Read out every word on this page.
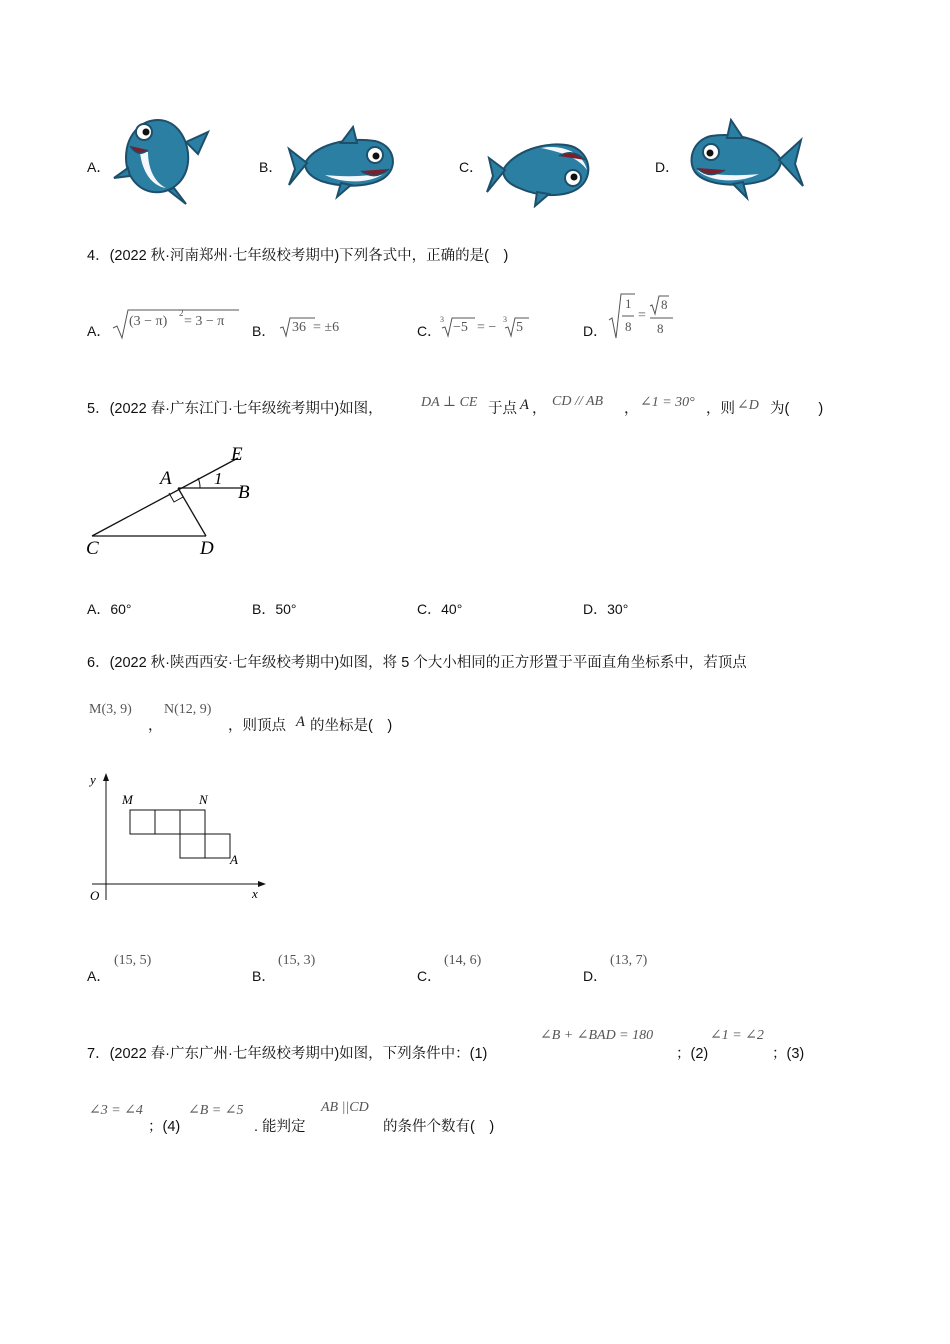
A．	B．	C．	D．
4．(2022 秋·河南郑州·七年级校考期中)下列各式中，正确的是(　)
A．
(3 − π)
2
= 3 − π
B． 36 = ±6	C．
3
−5 = −
3
5	D．
1
8
=
8
8
5．(2022 春·广东江门·七年级统考期中)如图，	DA ⊥ CE 于点 A ， CD // AB ， ∠1 = 30° ，则 ∠D 为(　　)
E
A 1
B
C	D
A．60°	B．50°	C．40°	D．30°
6．(2022 秋·陕西西安·七年级校考期中)如图，将 5 个大小相同的正方形置于平面直角坐标系中，若顶点
M(3, 9)
，
N(12, 9)
，则顶点 A 的坐标是(　)
y
M	N
A
O	x
A．
(15, 5)
B．
(15, 3)
C．
(14, 6)
D．
(13, 7)
7．(2022 春·广东广州·七年级校考期中)如图，下列条件中：(1)
∠B + ∠BAD = 180
；(2)
∠1 = ∠2
；(3)
∠3 = ∠4
；(4)
∠B = ∠5
. 能判定
AB ||CD
的条件个数有(　)
